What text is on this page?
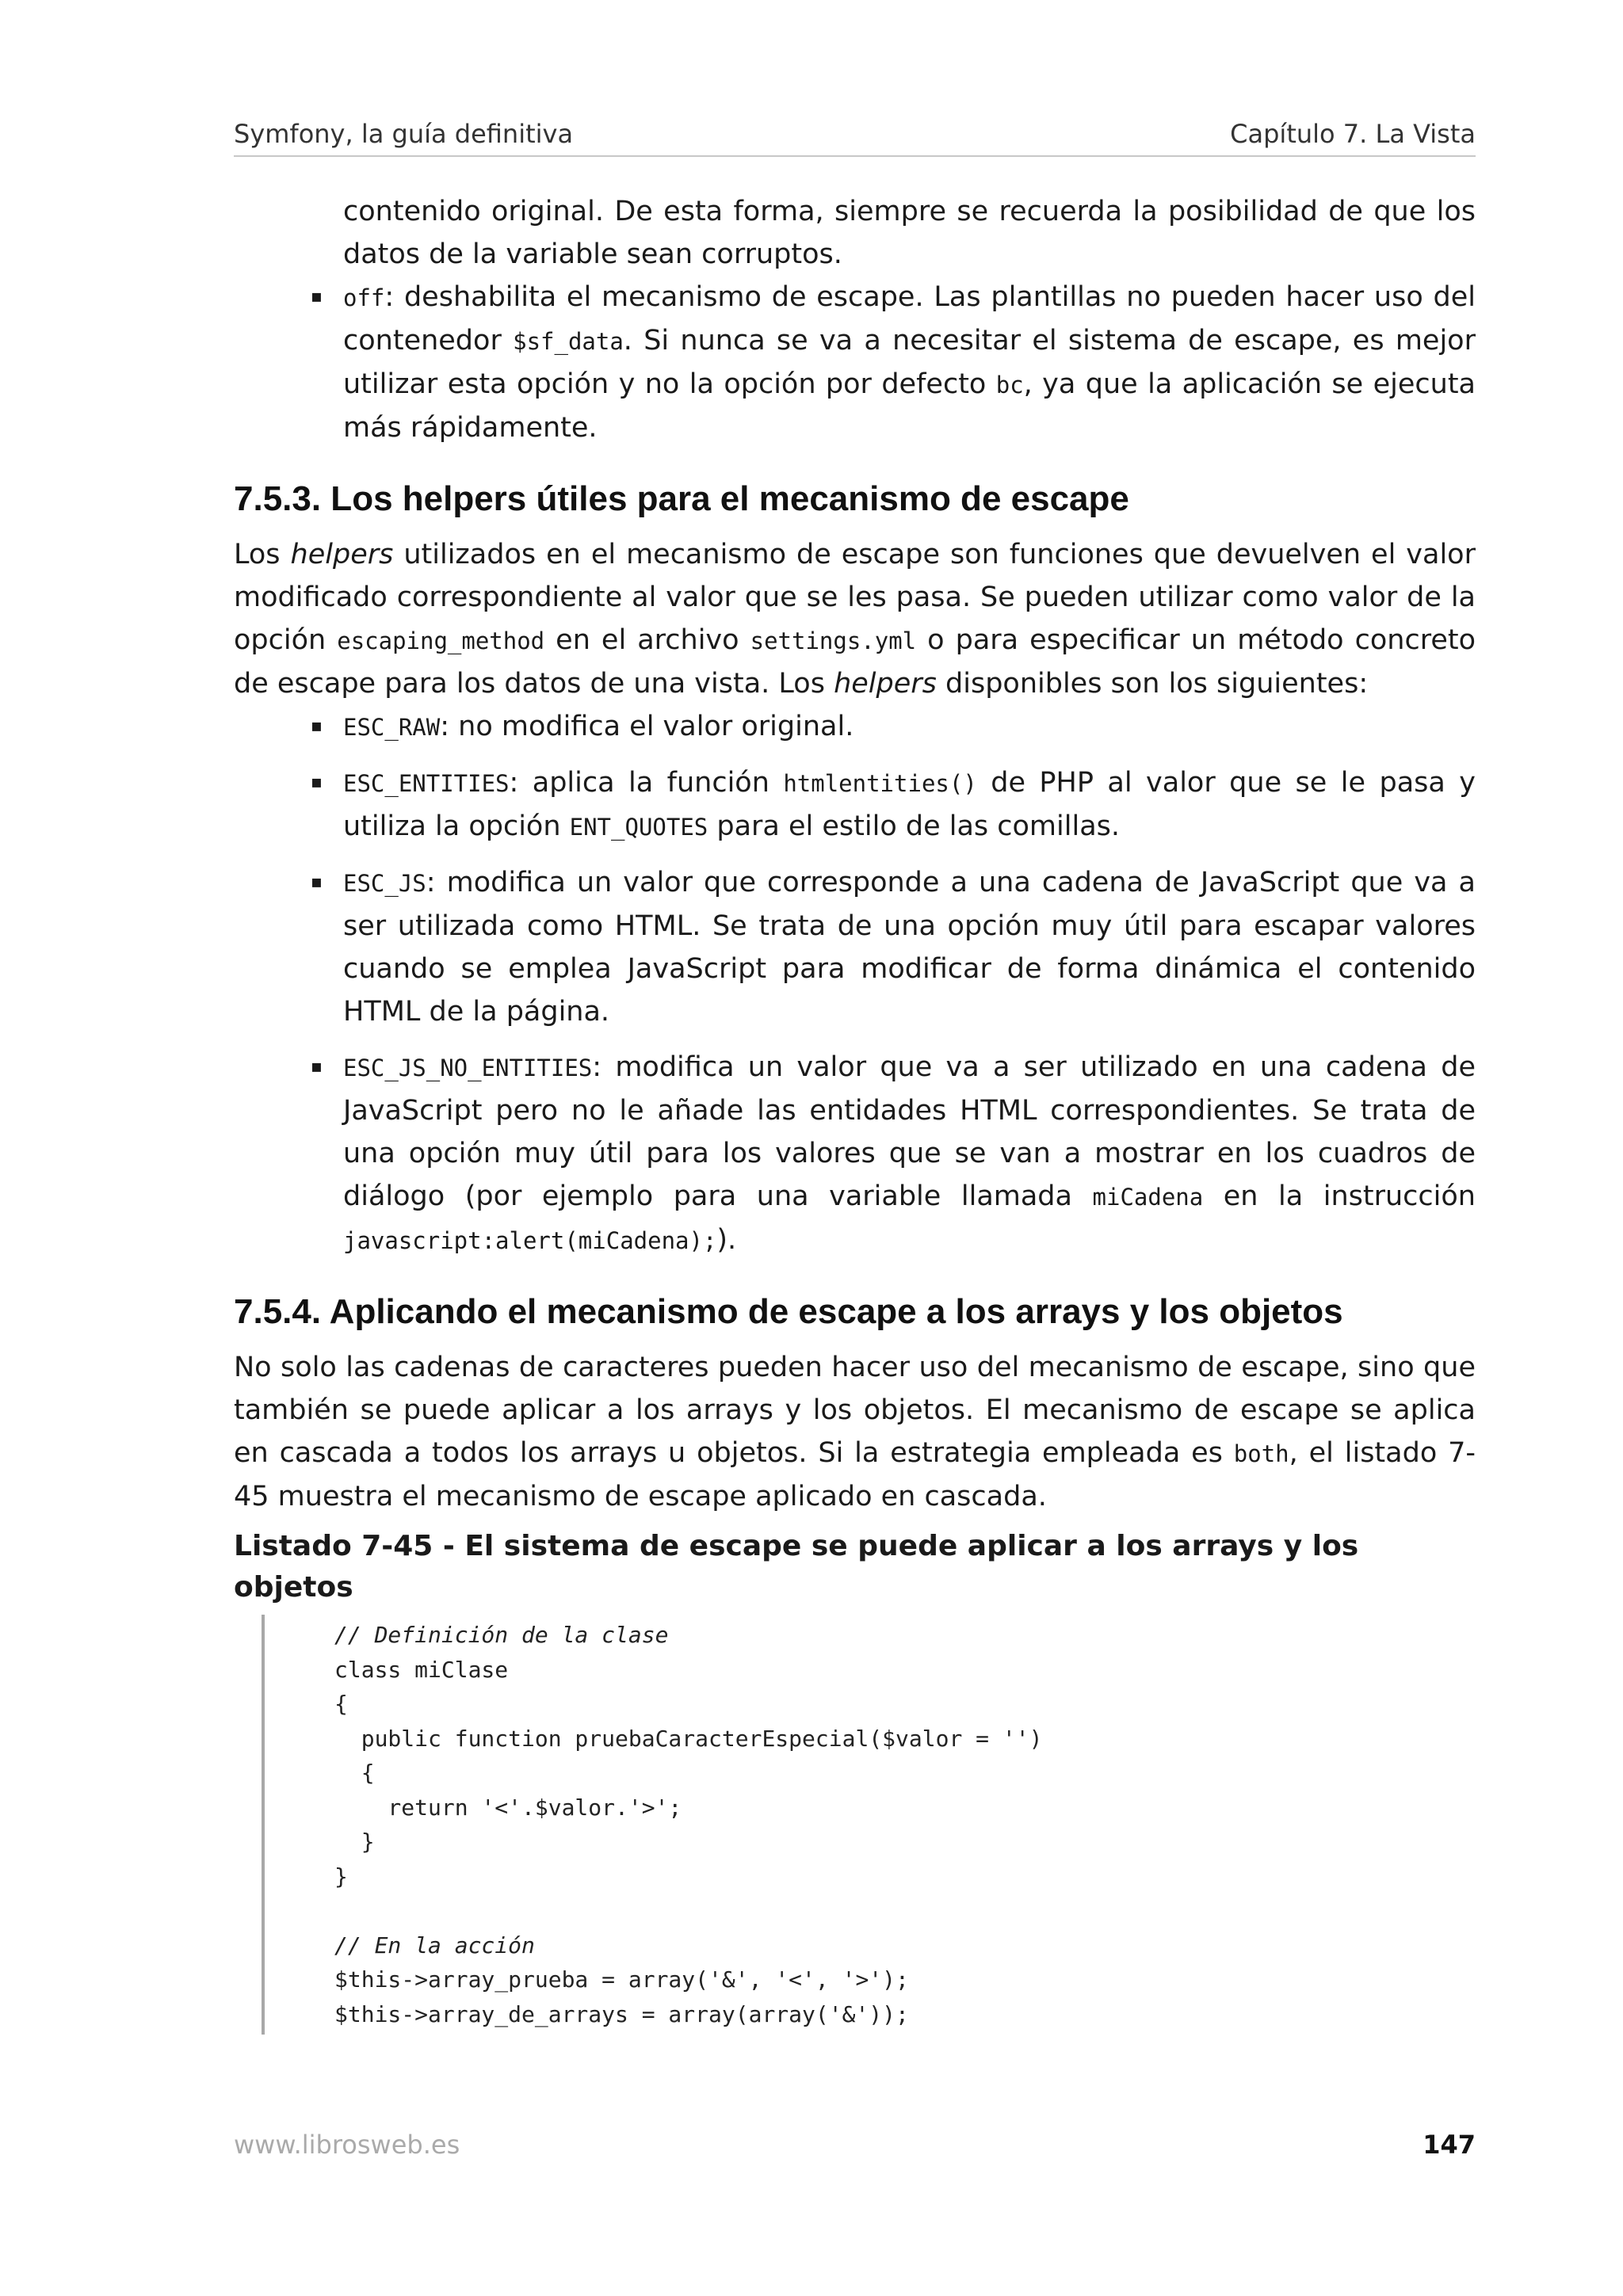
Symfony, la guía definitiva	Capítulo 7. La Vista

contenido original. De esta forma, siempre se recuerda la posibilidad de que los datos de la variable sean corruptos.

▪ off: deshabilita el mecanismo de escape. Las plantillas no pueden hacer uso del contenedor $sf_data. Si nunca se va a necesitar el sistema de escape, es mejor utilizar esta opción y no la opción por defecto bc, ya que la aplicación se ejecuta más rápidamente.
7.5.3. Los helpers útiles para el mecanismo de escape

Los helpers utilizados en el mecanismo de escape son funciones que devuelven el valor modificado correspondiente al valor que se les pasa. Se pueden utilizar como valor de la opción escaping_method en el archivo settings.yml o para especificar un método concreto de escape para los datos de una vista. Los helpers disponibles son los siguientes:

▪ ESC_RAW: no modifica el valor original.
▪ ESC_ENTITIES: aplica la función htmlentities() de PHP al valor que se le pasa y utiliza la opción ENT_QUOTES para el estilo de las comillas.
▪ ESC_JS: modifica un valor que corresponde a una cadena de JavaScript que va a ser utilizada como HTML. Se trata de una opción muy útil para escapar valores cuando se emplea JavaScript para modificar de forma dinámica el contenido HTML de la página.
▪ ESC_JS_NO_ENTITIES: modifica un valor que va a ser utilizado en una cadena de JavaScript pero no le añade las entidades HTML correspondientes. Se trata de una opción muy útil para los valores que se van a mostrar en los cuadros de diálogo (por ejemplo para una variable llamada miCadena en la instrucción javascript:alert(miCadena);).
7.5.4. Aplicando el mecanismo de escape a los arrays y los objetos

No solo las cadenas de caracteres pueden hacer uso del mecanismo de escape, sino que también se puede aplicar a los arrays y los objetos. El mecanismo de escape se aplica en cascada a todos los arrays u objetos. Si la estrategia empleada es both, el listado 7-45 muestra el mecanismo de escape aplicado en cascada.

Listado 7-45 - El sistema de escape se puede aplicar a los arrays y los objetos
// Definición de la clase
class miClase
{
public function pruebaCaracterEspecial($valor = '')
{
return '<'.$valor.'>';
}
}
// En la acción
$this->array_prueba = array('&', '<', '>');
$this->array_de_arrays = array(array('&'));
www.librosweb.es	147
